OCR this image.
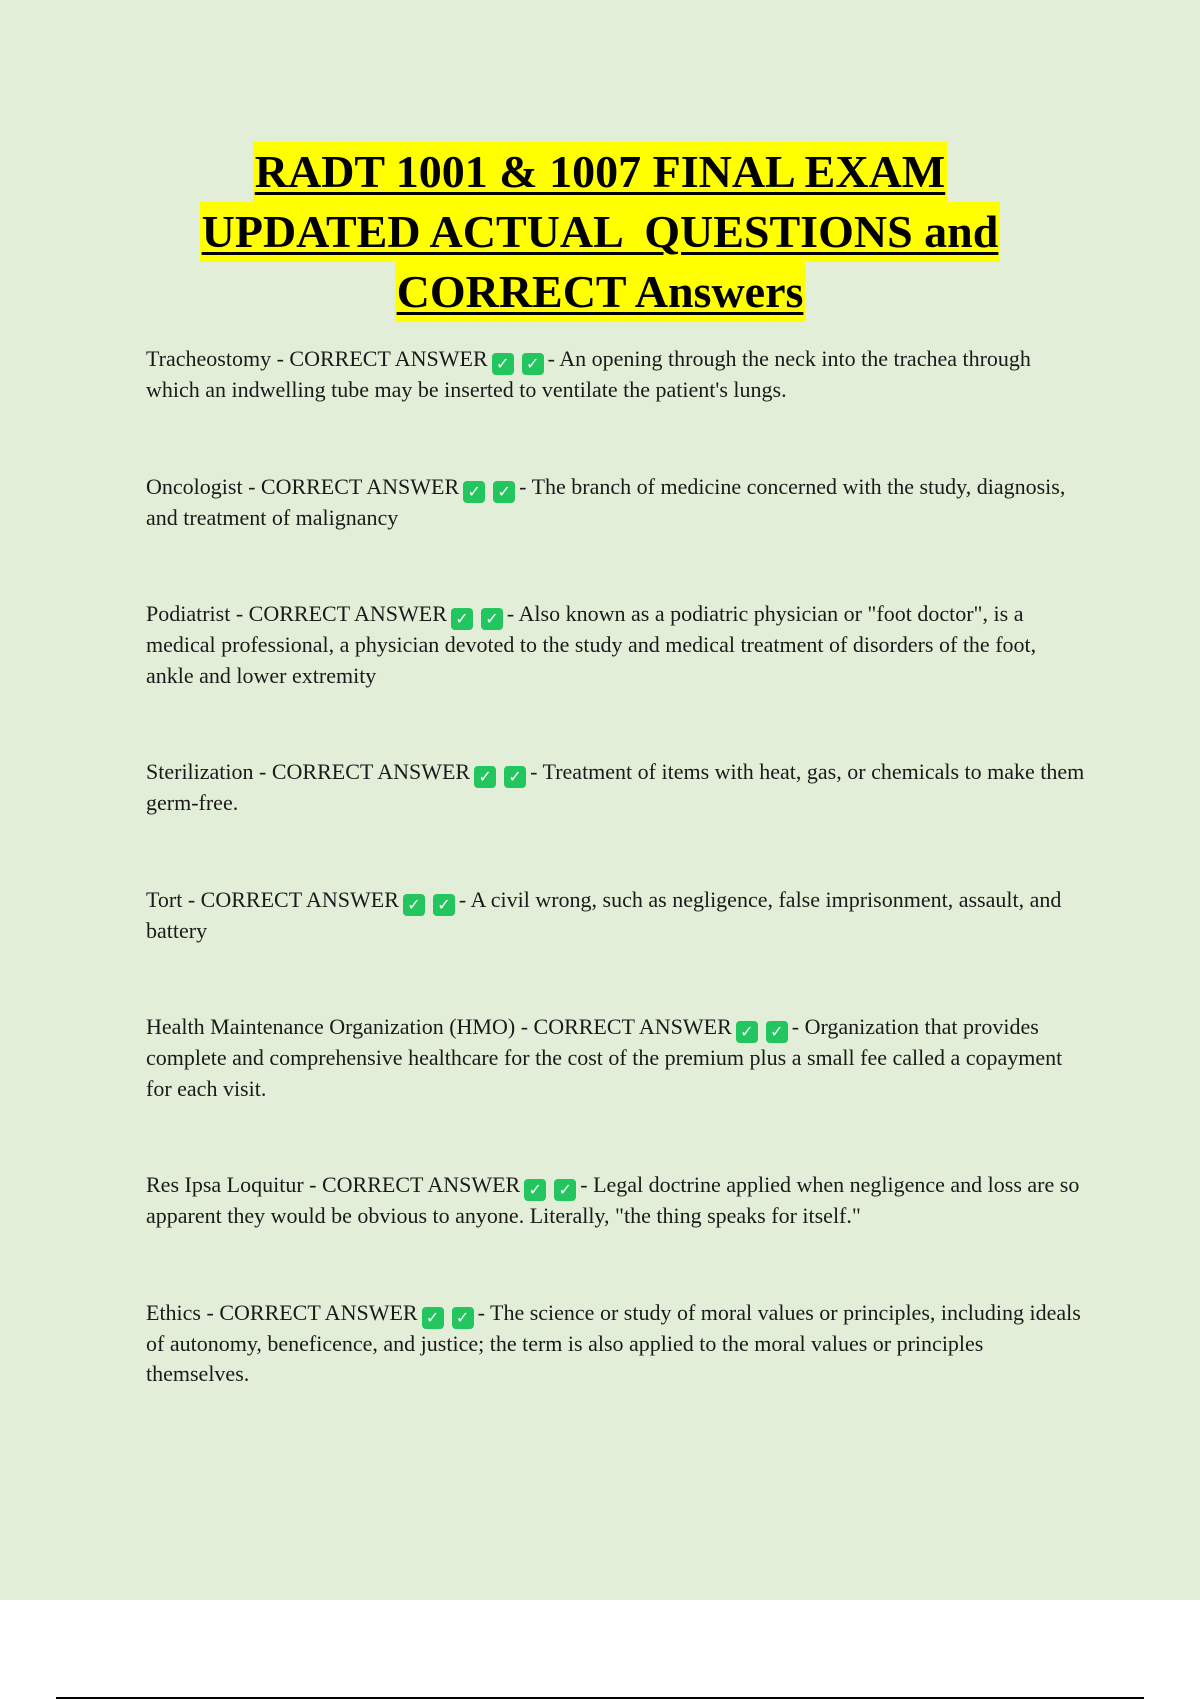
RADT 1001 & 1007 FINAL EXAM
UPDATED ACTUAL  QUESTIONS and
CORRECT Answers

Tracheostomy - CORRECT ANSWER ✓ ✓ - An opening through the neck into the trachea through which an indwelling tube may be inserted to ventilate the patient's lungs.

Oncologist - CORRECT ANSWER ✓ ✓ - The branch of medicine concerned with the study, diagnosis, and treatment of malignancy

Podiatrist - CORRECT ANSWER ✓ ✓ - Also known as a podiatric physician or "foot doctor", is a medical professional, a physician devoted to the study and medical treatment of disorders of the foot, ankle and lower extremity

Sterilization - CORRECT ANSWER ✓ ✓ - Treatment of items with heat, gas, or chemicals to make them germ-free.

Tort - CORRECT ANSWER ✓ ✓ - A civil wrong, such as negligence, false imprisonment, assault, and battery

Health Maintenance Organization (HMO) - CORRECT ANSWER ✓ ✓ - Organization that provides complete and comprehensive healthcare for the cost of the premium plus a small fee called a copayment for each visit.

Res Ipsa Loquitur - CORRECT ANSWER ✓ ✓ - Legal doctrine applied when negligence and loss are so apparent they would be obvious to anyone. Literally, "the thing speaks for itself."

Ethics - CORRECT ANSWER ✓ ✓ - The science or study of moral values or principles, including ideals of autonomy, beneficence, and justice; the term is also applied to the moral values or principles themselves.
